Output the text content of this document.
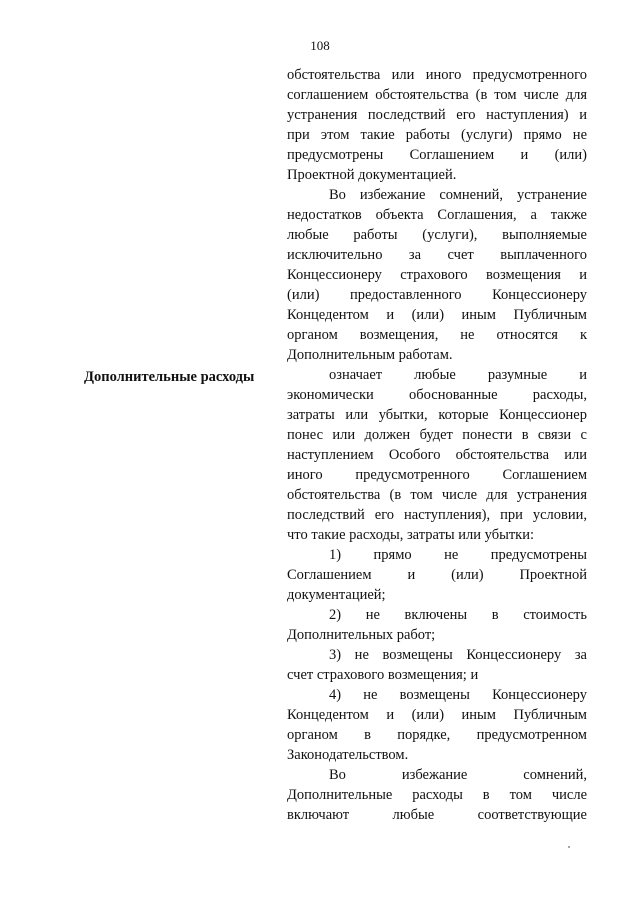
108
обстоятельства или иного предусмотренного
соглашением обстоятельства (в том числе для
устранения последствий его наступления) и
при этом такие работы (услуги) прямо не
предусмотрены Соглашением и (или)
Проектной документацией.
Во избежание сомнений, устранение
недостатков объекта Соглашения, а также
любые работы (услуги), выполняемые
исключительно за счет выплаченного
Концессионеру страхового возмещения и
(или) предоставленного Концессионеру
Концедентом и (или) иным Публичным
органом возмещения, не относятся к
Дополнительным работам.
Дополнительные расходы	означает любые разумные и
экономически обоснованные расходы,
затраты или убытки, которые Концессионер
понес или должен будет понести в связи с
наступлением Особого обстоятельства или
иного предусмотренного Соглашением
обстоятельства (в том числе для устранения
последствий его наступления), при условии,
что такие расходы, затраты или убытки:
1) прямо не предусмотрены
Соглашением и (или) Проектной
документацией;
2) не включены в стоимость
Дополнительных работ;
3) не возмещены Концессионеру за
счет страхового возмещения; и
4) не возмещены Концессионеру
Концедентом и (или) иным Публичным
органом в порядке, предусмотренном
Законодательством.
Во избежание сомнений,
Дополнительные расходы в том числе
включают любые соответствующие
